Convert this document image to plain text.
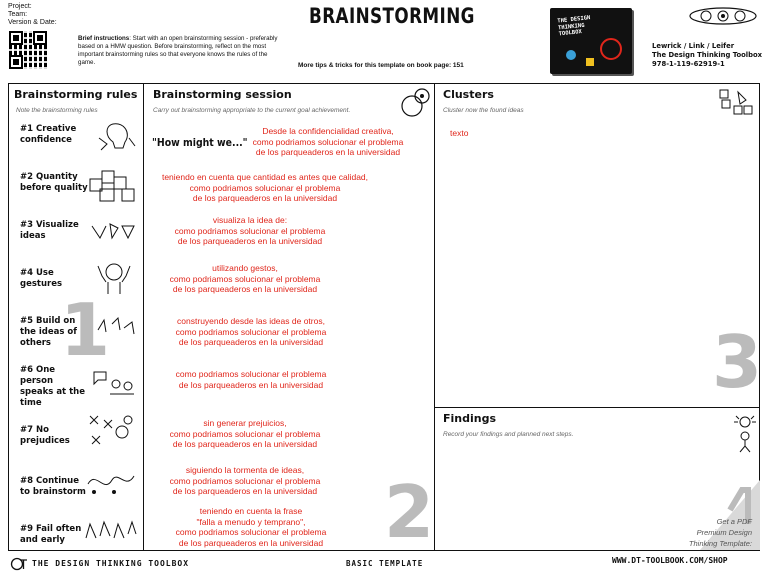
Project:
Team:
Version & Date:
Brief instructions: Start with an open brainstorming session - preferably based on a HMW question. Before brainstorming, reflect on the most important brainstorming rules so that everyone knows the rules of the game.
BRAINSTORMING
More tips & tricks for this template on book page: 151
THE DESIGN THINKING TOOLBOX
Lewrick / Link / Leifer
The Design Thinking Toolbox
978-1-119-62919-1
Brainstorming rules
Note the brainstorming rules
#1 Creative confidence
#2 Quantity before quality
#3 Visualize ideas
#4 Use gestures
#5 Build on the ideas of others
#6 One person speaks at the time
#7 No prejudices
#8 Continue to brainstorm
#9 Fail often and early
1
Brainstorming session
Carry out brainstorming appropriate to the current goal achievement.
"How might we..."
Desde la confidencialidad creativa,
como podriamos solucionar el problema
de los parqueaderos en la universidad
teniendo en cuenta que cantidad es antes que calidad,
como podriamos solucionar el problema
de los parqueaderos en la universidad
visualiza la idea de:
como podriamos solucionar el problema
de los parqueaderos en la universidad
utilizando gestos,
como podriamos solucionar el problema
de los parqueaderos en la universidad
construyendo desde las ideas de otros,
como podriamos solucionar el problema
de los parqueaderos en la universidad
como podriamos solucionar el problema
de los parqueaderos en la universidad
sin generar prejuicios,
como podriamos solucionar el problema
de los parqueaderos en la universidad
siguiendo la tormenta de ideas,
como podriamos solucionar el problema
de los parqueaderos en la universidad
teniendo en cuenta la frase
"falla a menudo y temprano",
como podriamos solucionar el problema
de los parqueaderos en la universidad 2
Clusters
Cluster now the found ideas
texto
3
Findings
Record your findings and planned next steps.
Get a PDF
Premium Design
Thinking Template:
THE DESIGN THINKING TOOLBOX	BASIC TEMPLATE	WWW.DT-TOOLBOOK.COM/SHOP
